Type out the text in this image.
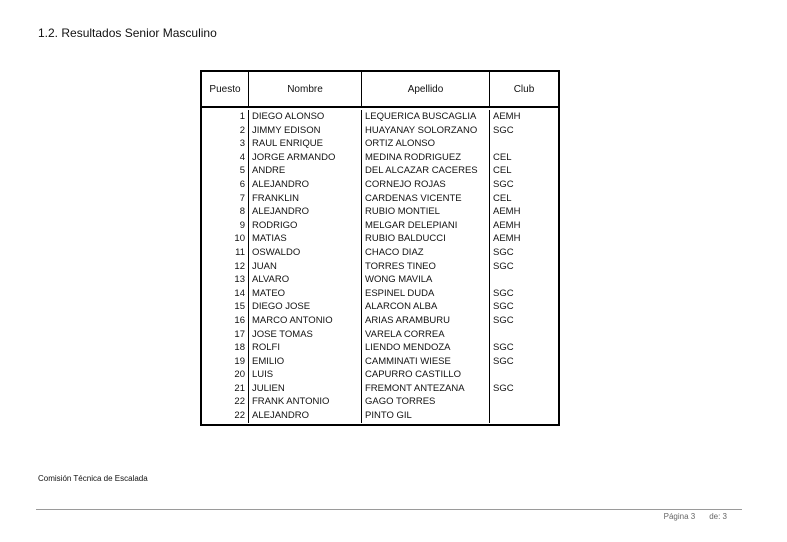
1.2. Resultados Senior Masculino
Puesto	Nombre	Apellido	Club
1 DIEGO ALONSO	LEQUERICA BUSCAGLIA	AEMH
2 JIMMY EDISON	HUAYANAY SOLORZANO	SGC
3 RAUL ENRIQUE	ORTIZ ALONSO
4 JORGE ARMANDO	MEDINA RODRIGUEZ	CEL
5 ANDRE	DEL ALCAZAR CACERES	CEL
6 ALEJANDRO	CORNEJO ROJAS	SGC
7 FRANKLIN	CARDENAS VICENTE	CEL
8 ALEJANDRO	RUBIO MONTIEL	AEMH
9 RODRIGO	MELGAR DELEPIANI	AEMH
10 MATIAS	RUBIO BALDUCCI	AEMH
11 OSWALDO	CHACO DIAZ	SGC
12 JUAN	TORRES TINEO	SGC
13 ALVARO	WONG MAVILA
14 MATEO	ESPINEL DUDA	SGC
15 DIEGO JOSE	ALARCON ALBA	SGC
16 MARCO ANTONIO	ARIAS ARAMBURU	SGC
17 JOSE TOMAS	VARELA CORREA
18 ROLFI	LIENDO MENDOZA	SGC
19 EMILIO	CAMMINATI WIESE	SGC
20 LUIS	CAPURRO CASTILLO
21 JULIEN	FREMONT ANTEZANA	SGC
22 FRANK ANTONIO	GAGO TORRES
22 ALEJANDRO	PINTO GIL
Comisión Técnica de Escalada
Página 3 de: 3
